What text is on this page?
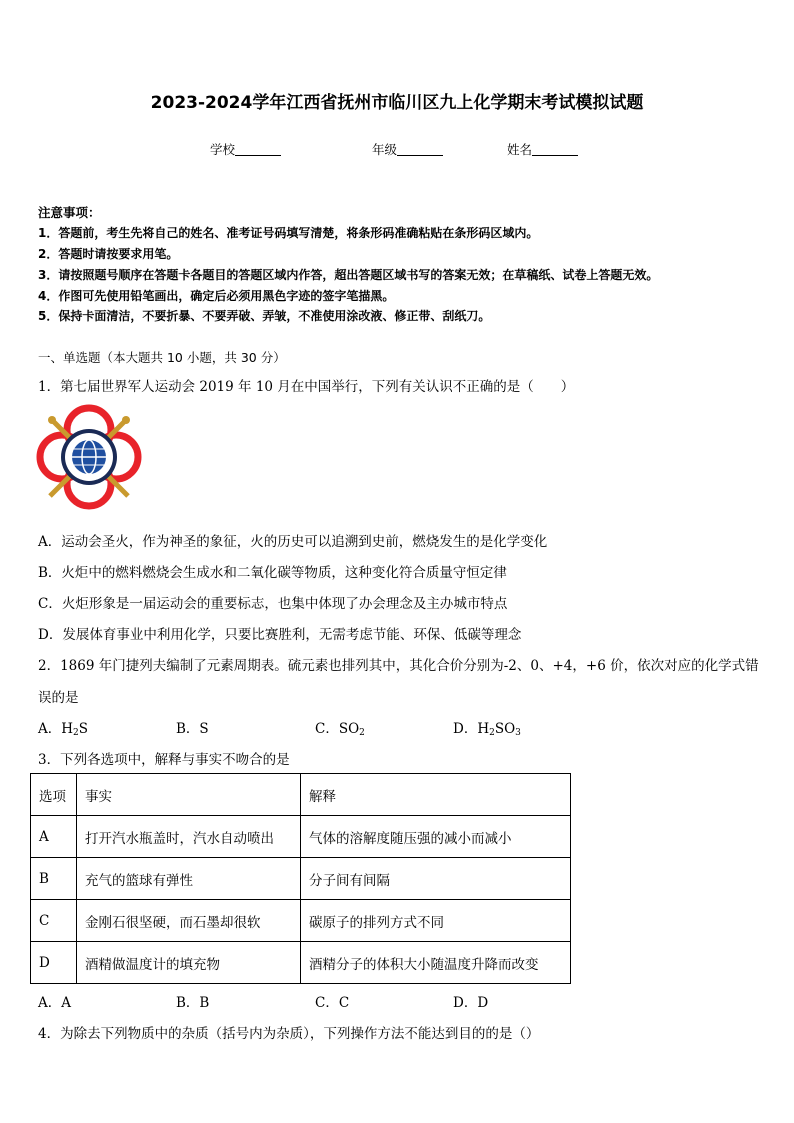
2023-2024学年江西省抚州市临川区九上化学期末考试模拟试题
学校	年级	姓名
注意事项：
1．答题前，考生先将自己的姓名、准考证号码填写清楚，将条形码准确粘贴在条形码区域内。
2．答题时请按要求用笔。
3．请按照题号顺序在答题卡各题目的答题区域内作答，超出答题区域书写的答案无效；在草稿纸、试卷上答题无效。
4．作图可先使用铅笔画出，确定后必须用黑色字迹的签字笔描黑。
5．保持卡面清洁，不要折暴、不要弄破、弄皱，不准使用涂改液、修正带、刮纸刀。
一、单选题（本大题共 10 小题，共 30 分）
1．第七届世界军人运动会 2019 年 10 月在中国举行，下列有关认识不正确的是（　　）
A．运动会圣火，作为神圣的象征，火的历史可以追溯到史前，燃烧发生的是化学变化
B．火炬中的燃料燃烧会生成水和二氧化碳等物质，这种变化符合质量守恒定律
C．火炬形象是一届运动会的重要标志，也集中体现了办会理念及主办城市特点
D．发展体育事业中利用化学，只要比赛胜利，无需考虑节能、环保、低碳等理念
2．1869 年门捷列夫编制了元素周期表。硫元素也排列其中，其化合价分别为-2、0、+4，+6 价，依次对应的化学式错
误的是
A．$H_2S$	B．S	C．$SO_2$	D．$H_2SO_3$
3．下列各选项中，解释与事实不吻合的是
选项	事实	解释
A	打开汽水瓶盖时，汽水自动喷出	气体的溶解度随压强的减小而减小
B	充气的篮球有弹性	分子间有间隔
C	金刚石很坚硬，而石墨却很软	碳原子的排列方式不同
D	酒精做温度计的填充物	酒精分子的体积大小随温度升降而改变
A．A	B．B	C．C	D．D
4．为除去下列物质中的杂质（括号内为杂质），下列操作方法不能达到目的的是（）
